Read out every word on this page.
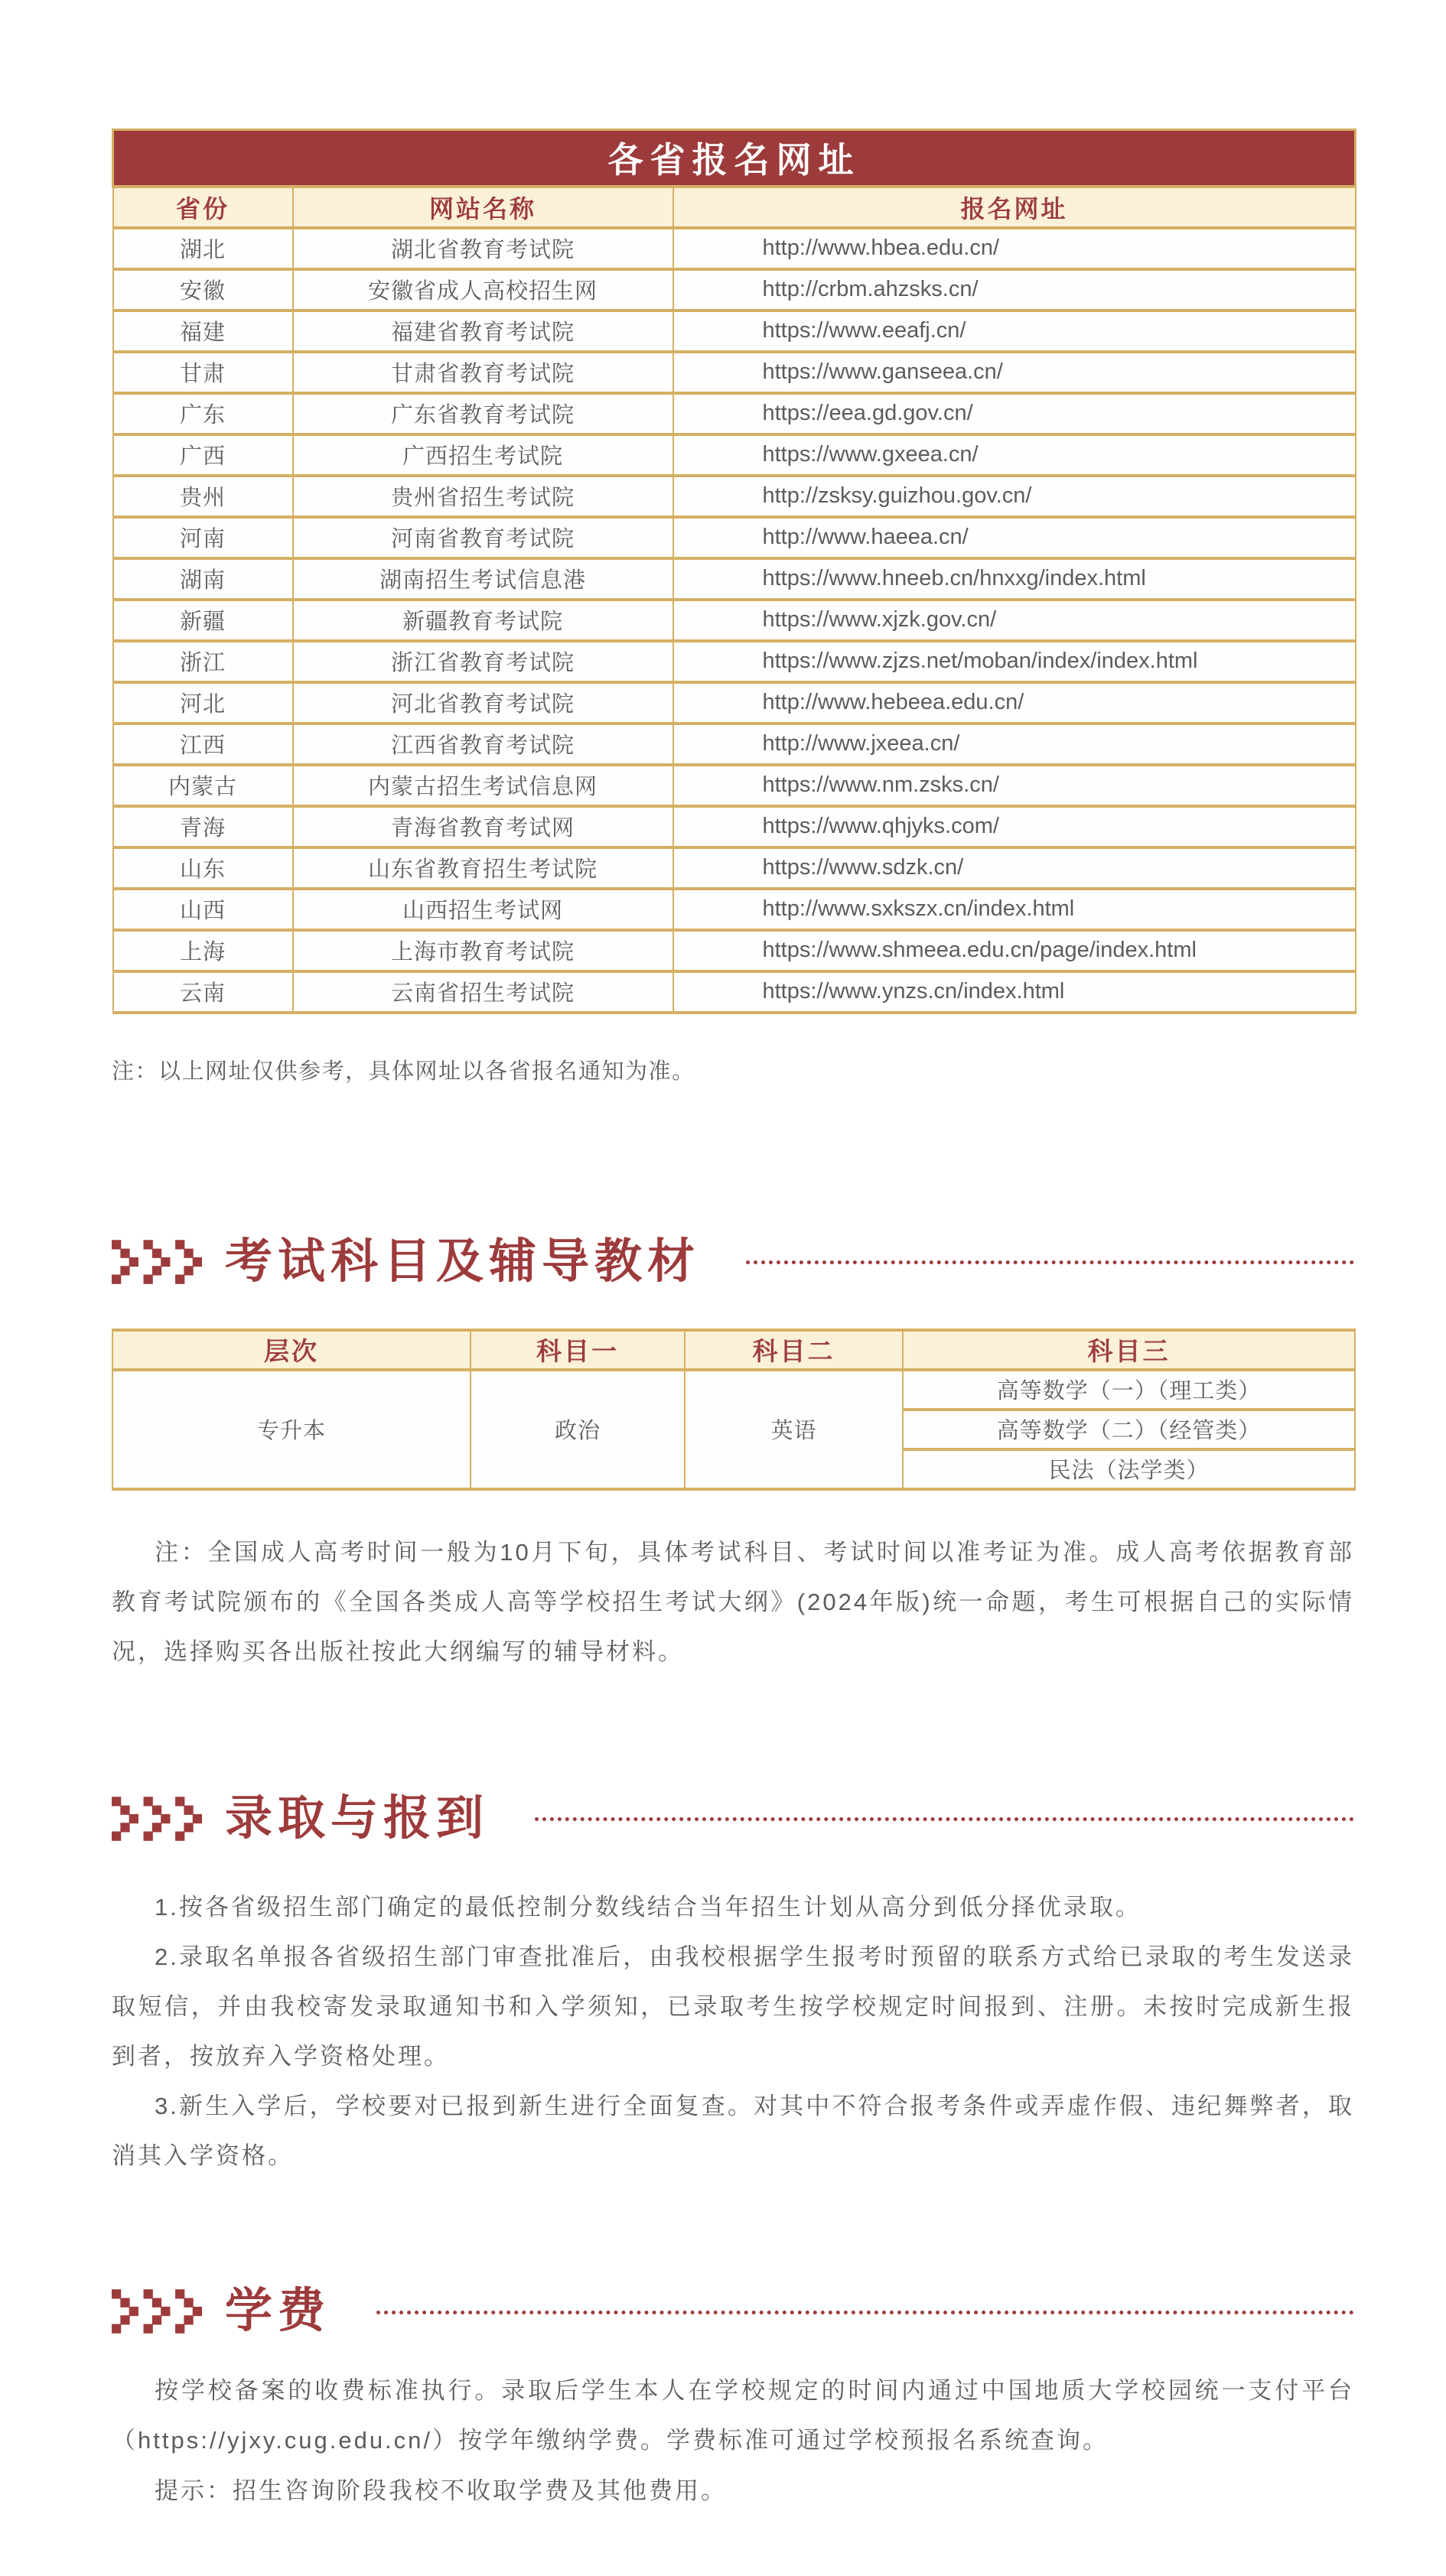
各省报名网址		
省份	网站名称	报名网址
湖北	湖北省教育考试院	http://www.hbea.edu.cn/
安徽	安徽省成人高校招生网	http://crbm.ahzsks.cn/
福建	福建省教育考试院	https://www.eeafj.cn/
甘肃	甘肃省教育考试院	https://www.ganseea.cn/
广东	广东省教育考试院	https://eea.gd.gov.cn/
广西	广西招生考试院	https://www.gxeea.cn/
贵州	贵州省招生考试院	http://zsksy.guizhou.gov.cn/
河南	河南省教育考试院	http://www.haeea.cn/
湖南	湖南招生考试信息港	https://www.hneeb.cn/hnxxg/index.html
新疆	新疆教育考试院	https://www.xjzk.gov.cn/
浙江	浙江省教育考试院	https://www.zjzs.net/moban/index/index.html
河北	河北省教育考试院	http://www.hebeea.edu.cn/
江西	江西省教育考试院	http://www.jxeea.cn/
内蒙古	内蒙古招生考试信息网	https://www.nm.zsks.cn/
青海	青海省教育考试网	https://www.qhjyks.com/
山东	山东省教育招生考试院	https://www.sdzk.cn/
山西	山西招生考试网	http://www.sxkszx.cn/index.html
上海	上海市教育考试院	https://www.shmeea.edu.cn/page/index.html
云南	云南省招生考试院	https://www.ynzs.cn/index.html

注：以上网址仅供参考，具体网址以各省报名通知为准。

考试科目及辅导教材
层次	科目一	科目二	科目三
专升本	政治	英语	高等数学（一）（理工类）
			高等数学（二）（经管类）
			民法（法学类）

注：全国成人高考时间一般为10月下旬，具体考试科目、考试时间以准考证为准。成人高考依据教育部教育考试院颁布的《全国各类成人高等学校招生考试大纲》(2024年版)统一命题，考生可根据自己的实际情况，选择购买各出版社按此大纲编写的辅导材料。

录取与报到

1.按各省级招生部门确定的最低控制分数线结合当年招生计划从高分到低分择优录取。

2.录取名单报各省级招生部门审查批准后，由我校根据学生报考时预留的联系方式给已录取的考生发送录取短信，并由我校寄发录取通知书和入学须知，已录取考生按学校规定时间报到、注册。未按时完成新生报到者，按放弃入学资格处理。

3.新生入学后，学校要对已报到新生进行全面复查。对其中不符合报考条件或弄虚作假、违纪舞弊者，取消其入学资格。

学费

按学校备案的收费标准执行。录取后学生本人在学校规定的时间内通过中国地质大学校园统一支付平台（https://yjxy.cug.edu.cn/）按学年缴纳学费。学费标准可通过学校预报名系统查询。

提示：招生咨询阶段我校不收取学费及其他费用。
